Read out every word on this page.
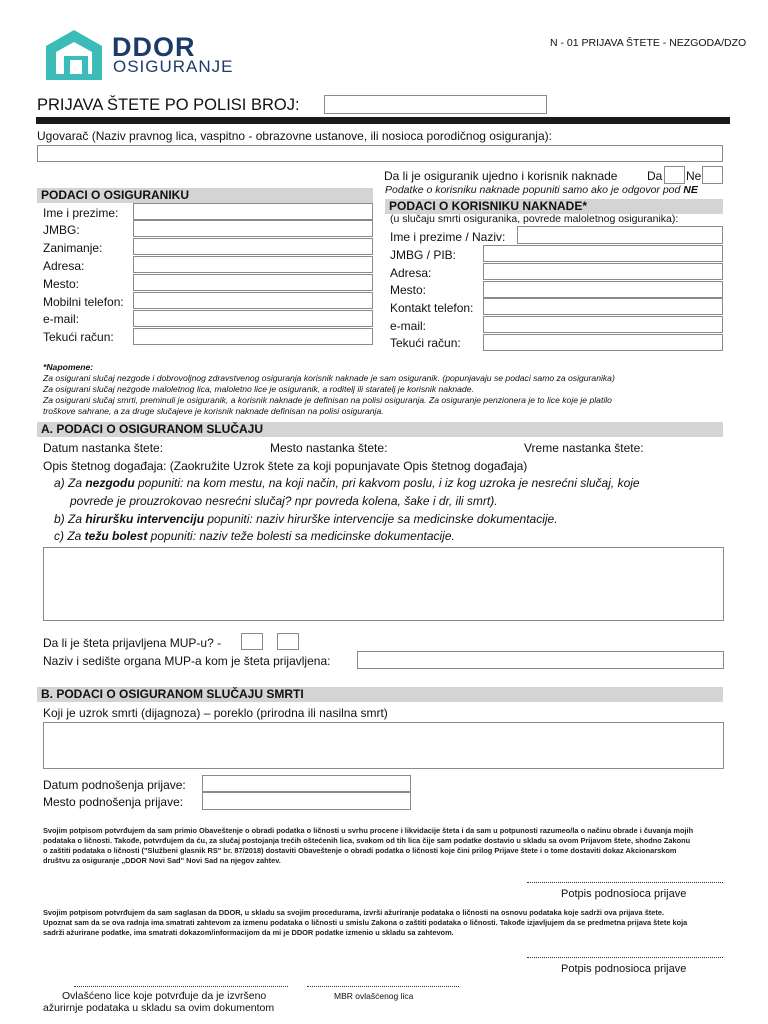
DDOR
OSIGURANJE
N - 01 PRIJAVA ŠTETE - NEZGODA/DZO
PRIJAVA ŠTETE PO POLISI BROJ:
Ugovarač (Naziv pravnog lica, vaspitno - obrazovne ustanove, ili nosioca porodičnog osiguranja):
Da li je osiguranik ujedno i korisnik naknade Da Ne
Podatke o korisniku naknade popuniti samo ako je odgovor pod NE
PODACI O OSIGURANIKU
Ime i prezime:
JMBG:
Zanimanje:
Adresa:
Mesto:
Mobilni telefon:
e-mail:
Tekući račun:
PODACI O KORISNIKU NAKNADE*
(u slučaju smrti osiguranika, povrede maloletnog osiguranika):
Ime i prezime / Naziv:
JMBG / PIB:
Adresa:
Mesto:
Kontakt telefon:
e-mail:
Tekući račun:
*Napomene:
Za osigurani slučaj nezgode i dobrovoljnog zdravstvenog osiguranja korisnik naknade je sam osiguranik. (popunjavaju se podaci samo za osiguranika)
Za osigurani slučaj nezgode maloletnog lica, maloletno lice je osiguranik, a roditelj ili staratelj je korisnik naknade.
Za osigurani slučaj smrti, preminuli je osiguranik, a korisnik naknade je definisan na polisi osiguranja. Za osiguranje penzionera je to lice koje je platilo
troškove sahrane, a za druge slučajeve je korisnik naknade definisan na polisi osiguranja.
A. PODACI O OSIGURANOM SLUČAJU
Datum nastanka štete:	Mesto nastanka štete:	Vreme nastanka štete:
Opis štetnog događaja: (Zaokružite Uzrok štete za koji popunjavate Opis štetnog događaja)
a) Za nezgodu popuniti: na kom mestu, na koji način, pri kakvom poslu, i iz kog uzroka je nesrećni slučaj, koje
povrede je prouzrokovao nesrećni slučaj? npr povreda kolena, šake i dr, ili smrt).
b) Za hiruršku intervenciju popuniti: naziv hirurške intervencije sa medicinske dokumentacije.
c) Za težu bolest popuniti: naziv teže bolesti sa medicinske dokumentacije.
Da li je šteta prijavljena MUP-u? -
Naziv i sedište organa MUP-a kom je šteta prijavljena:
B. PODACI O OSIGURANOM SLUČAJU SMRTI
Koji je uzrok smrti (dijagnoza) – poreklo (prirodna ili nasilna smrt)
Datum podnošenja prijave:
Mesto podnošenja prijave:
Svojim potpisom potvrđujem da sam primio Obaveštenje o obradi podatka o ličnosti u svrhu procene i likvidacije šteta i da sam u potpunosti razumeo/la o načinu obrade i čuvanja mojih
podataka o ličnosti. Takođe, potvrđujem da ću, za slučaj postojanja trećih oštećenih lica, svakom od tih lica čije sam podatke dostavio u skladu sa ovom Prijavom štete, shodno Zakonu
o zaštiti podataka o ličnosti ("Službeni glasnik RS" br. 87/2018) dostaviti Obaveštenje o obradi podatka o ličnosti koje čini prilog Prijave štete i o tome dostaviti dokaz Akcionarskom
društvu za osiguranje „DDOR Novi Sad" Novi Sad na njegov zahtev.
Potpis podnosioca prijave
Svojim potpisom potvrđujem da sam saglasan da DDOR, u skladu sa svojim procedurama, izvrši ažuriranje podataka o ličnosti na osnovu podataka koje sadrži ova prijava štete.
Upoznat sam da se ova radnja ima smatrati zahtevom za izmenu podataka o ličnosti u smislu Zakona o zaštiti podataka o ličnosti. Takođe izjavljujem da se predmetna prijava štete koja
sadrži ažurirane podatke, ima smatrati dokazom/informacijom da mi je DDOR podatke izmenio u skladu sa zahtevom.
Potpis podnosioca prijave
Ovlašćeno lice koje potvrđuje da je izvršeno
ažurirnje podataka u skladu sa ovim dokumentom
MBR ovlašćenog lica
